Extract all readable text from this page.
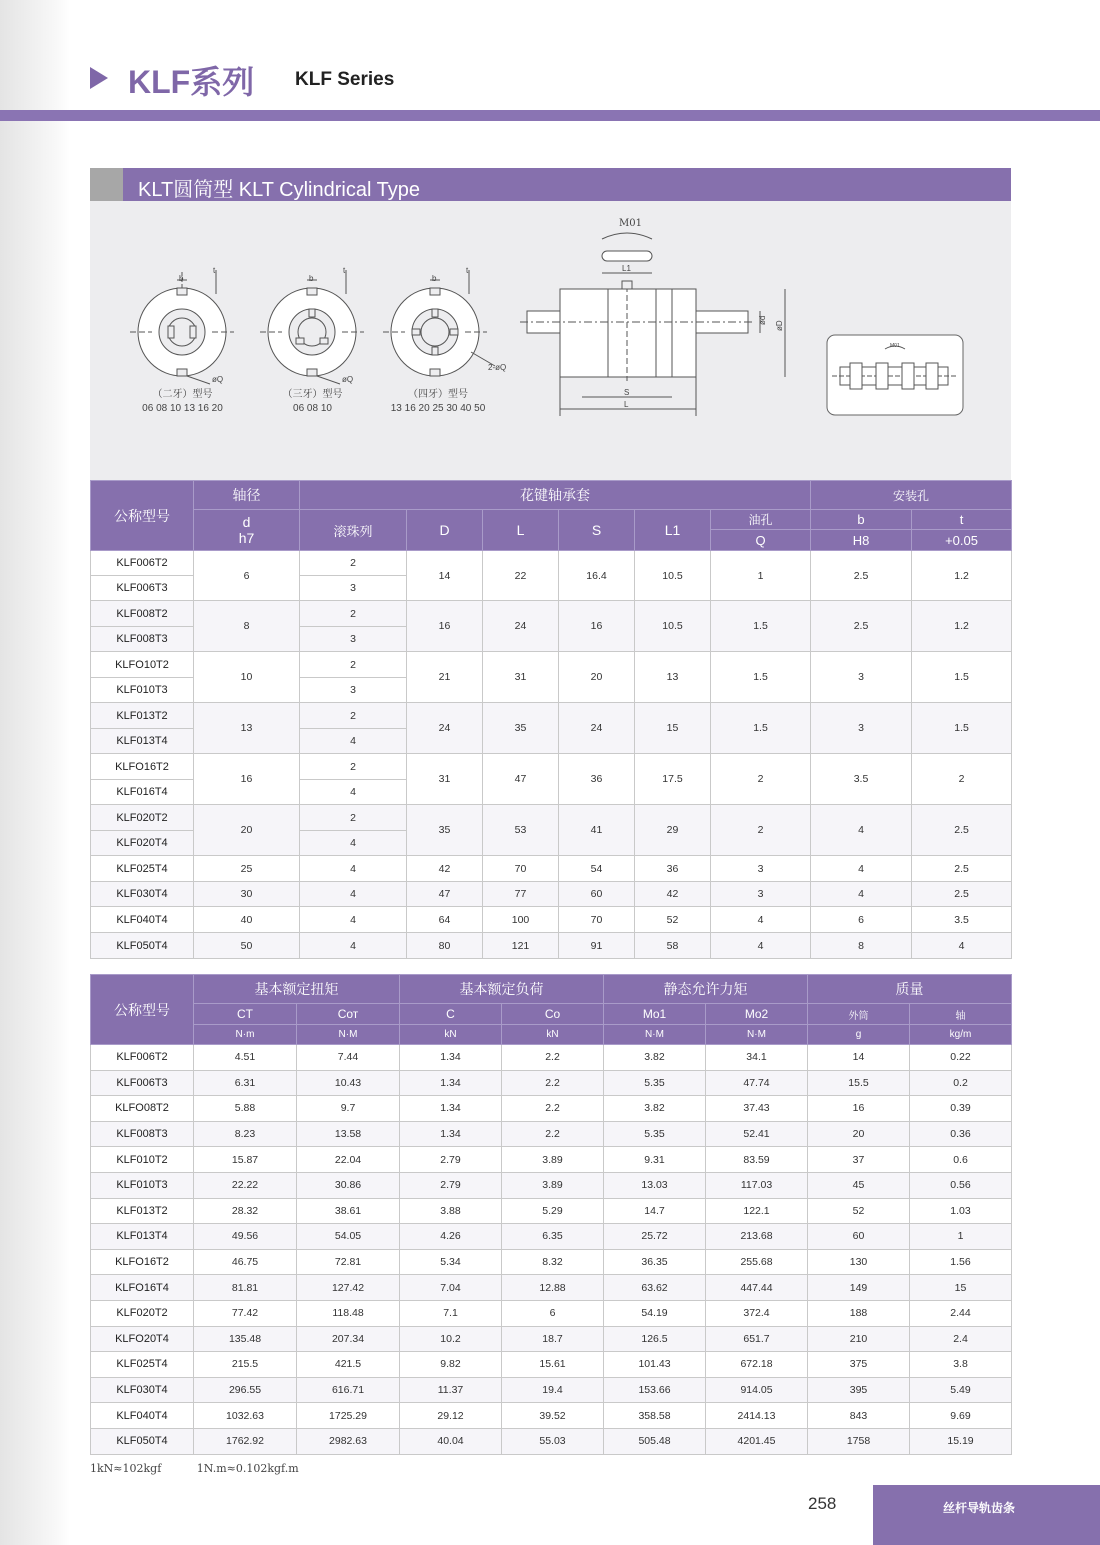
KLF系列 KLF Series
KLT圆筒型 KLT Cylindrical Type
b
t
øQ
b
t
øQ
b
t
2-øQ
M01
L1
S
L
ød øD
M01
（二牙）型号
06 08 10 13 16 20
（三牙）型号
06 08 10
（四牙）型号
13 16 20 25 30 40 50
公称型号	轴径	花键轴承套						安装孔	

	d
h7	滚珠列	D	L	S	L1	油孔	b	t
							Q	H8	+0.05
KLF006T2	6	2	14	22	16.4	10.5	1	2.5	1.2
KLF006T3		3							
KLF008T2	8	2	16	24	16	10.5	1.5	2.5	1.2
KLF008T3		3							
KLFO10T2	10	2	21	31	20	13	1.5	3	1.5
KLF010T3		3							
KLF013T2	13	2	24	35	24	15	1.5	3	1.5
KLF013T4		4							
KLFO16T2	16	2	31	47	36	17.5	2	3.5	2
KLF016T4		4							
KLF020T2	20	2	35	53	41	29	2	4	2.5
KLF020T4		4							
KLF025T4	25	4	42	70	54	36	3	4	2.5
KLF030T4	30	4	47	77	60	42	3	4	2.5
KLF040T4	40	4	64	100	70	52	4	6	3.5
KLF050T4	50	4	80	121	91	58	4	8	4
公称型号	基本额定扭矩		基本额定负荷		静态允许力矩		质量	
	CT	Cот	C	Co	Mo1	Mo2	外筒	轴
	N·m	N·M	kN	kN	N·M	N·M	g	kg/m
KLF006T2	4.51	7.44	1.34	2.2	3.82	34.1	14	0.22
KLF006T3	6.31	10.43	1.34	2.2	5.35	47.74	15.5	0.2
KLFO08T2	5.88	9.7	1.34	2.2	3.82	37.43	16	0.39
KLF008T3	8.23	13.58	1.34	2.2	5.35	52.41	20	0.36
KLF010T2	15.87	22.04	2.79	3.89	9.31	83.59	37	0.6
KLF010T3	22.22	30.86	2.79	3.89	13.03	117.03	45	0.56
KLF013T2	28.32	38.61	3.88	5.29	14.7	122.1	52	1.03
KLF013T4	49.56	54.05	4.26	6.35	25.72	213.68	60	1
KLFO16T2	46.75	72.81	5.34	8.32	36.35	255.68	130	1.56
KLFO16T4	81.81	127.42	7.04	12.88	63.62	447.44	149	15
KLF020T2	77.42	118.48	7.1	6	54.19	372.4	188	2.44
KLFO20T4	135.48	207.34	10.2	18.7	126.5	651.7	210	2.4
KLF025T4	215.5	421.5	9.82	15.61	101.43	672.18	375	3.8
KLF030T4	296.55	616.71	11.37	19.4	153.66	914.05	395	5.49
KLF040T4	1032.63	1725.29	29.12	39.52	358.58	2414.13	843	9.69
KLF050T4	1762.92	2982.63	40.04	55.03	505.48	4201.45	1758	15.19
1kN≈102kgf	1N.m≈0.102kgf.m
258	丝杆导轨齿条
